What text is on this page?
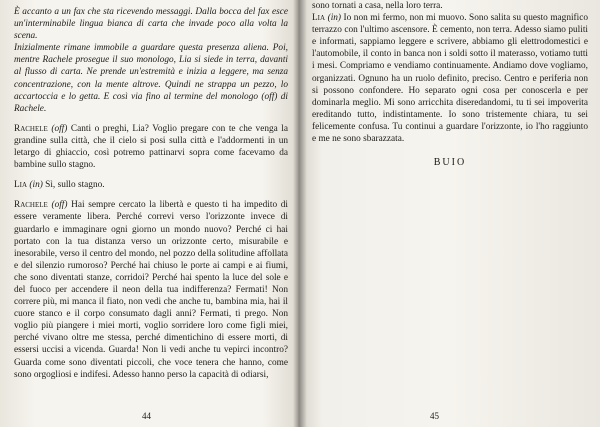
È accanto a un fax che sta ricevendo messaggi. Dalla bocca del fax esce un'interminabile lingua bianca di carta che invade poco alla volta la scena.

Inizialmente rimane immobile a guardare questa presenza aliena. Poi, mentre Rachele prosegue il suo monologo, Lia si siede in terra, davanti al flusso di carta. Ne prende un'estremità e inizia a leggere, ma senza concentrazione, con la mente altrove. Quindi ne strappa un pezzo, lo accartoccia e lo getta. E così via fino al termine del monologo (off) di Rachele.

Rachele (off) Canti o preghi, Lia? Voglio pregare con te che venga la grandine sulla città, che il cielo si posi sulla città e l'addormenti in un letargo di ghiaccio, così potremo pattinarvi sopra come facevamo da bambine sullo stagno.

Lia (in) Sì, sullo stagno.

Rachele (off) Hai sempre cercato la libertà e questo ti ha impedito di essere veramente libera. Perché correvi verso l'orizzonte invece di guardarlo e immaginare ogni giorno un mondo nuovo? Perché ci hai portato con la tua distanza verso un orizzonte certo, misurabile e inesorabile, verso il centro del mondo, nel pozzo della solitudine affollata e del silenzio rumoroso? Perché hai chiuso le porte ai campi e ai fiumi, che sono diventati stanze, corridoi? Perché hai spento la luce del sole e del fuoco per accendere il neon della tua indifferenza? Fermati! Non correre più, mi manca il fiato, non vedi che anche tu, bambina mia, hai il cuore stanco e il corpo consumato dagli anni? Fermati, ti prego. Non voglio più piangere i miei morti, voglio sorridere loro come figli miei, perché vivano oltre me stessa, perché dimentichino di essere morti, di essersi uccisi a vicenda. Guarda! Non li vedi anche tu vepirci incontro? Guarda come sono diventati piccoli, che voce tenera che hanno, come sono orgogliosi e indifesi. Adesso hanno perso la capacità di odiarsi,

44

sono tornati a casa, nella loro terra.

Lia (in) Io non mi fermo, non mi muovo. Sono salita su questo magnifico terrazzo con l'ultimo ascensore. È cemento, non terra. Adesso siamo puliti e informati, sappiamo leggere e scrivere, abbiamo gli elettrodomestici e l'automobile, il conto in banca non i soldi sotto il materasso, votiamo tutti i mesi. Compriamo e vendiamo continuamente. Andiamo dove vogliamo, organizzati. Ognuno ha un ruolo definito, preciso. Centro e periferia non si possono confondere. Ho separato ogni cosa per conoscerla e per dominarla meglio. Mi sono arricchita diseredandomi, tu ti sei impoverita ereditando tutto, indistintamente. Io sono tristemente chiara, tu sei felicemente confusa. Tu continui a guardare l'orizzonte, io l'ho raggiunto e me ne sono sbarazzata.

BUIO
45
